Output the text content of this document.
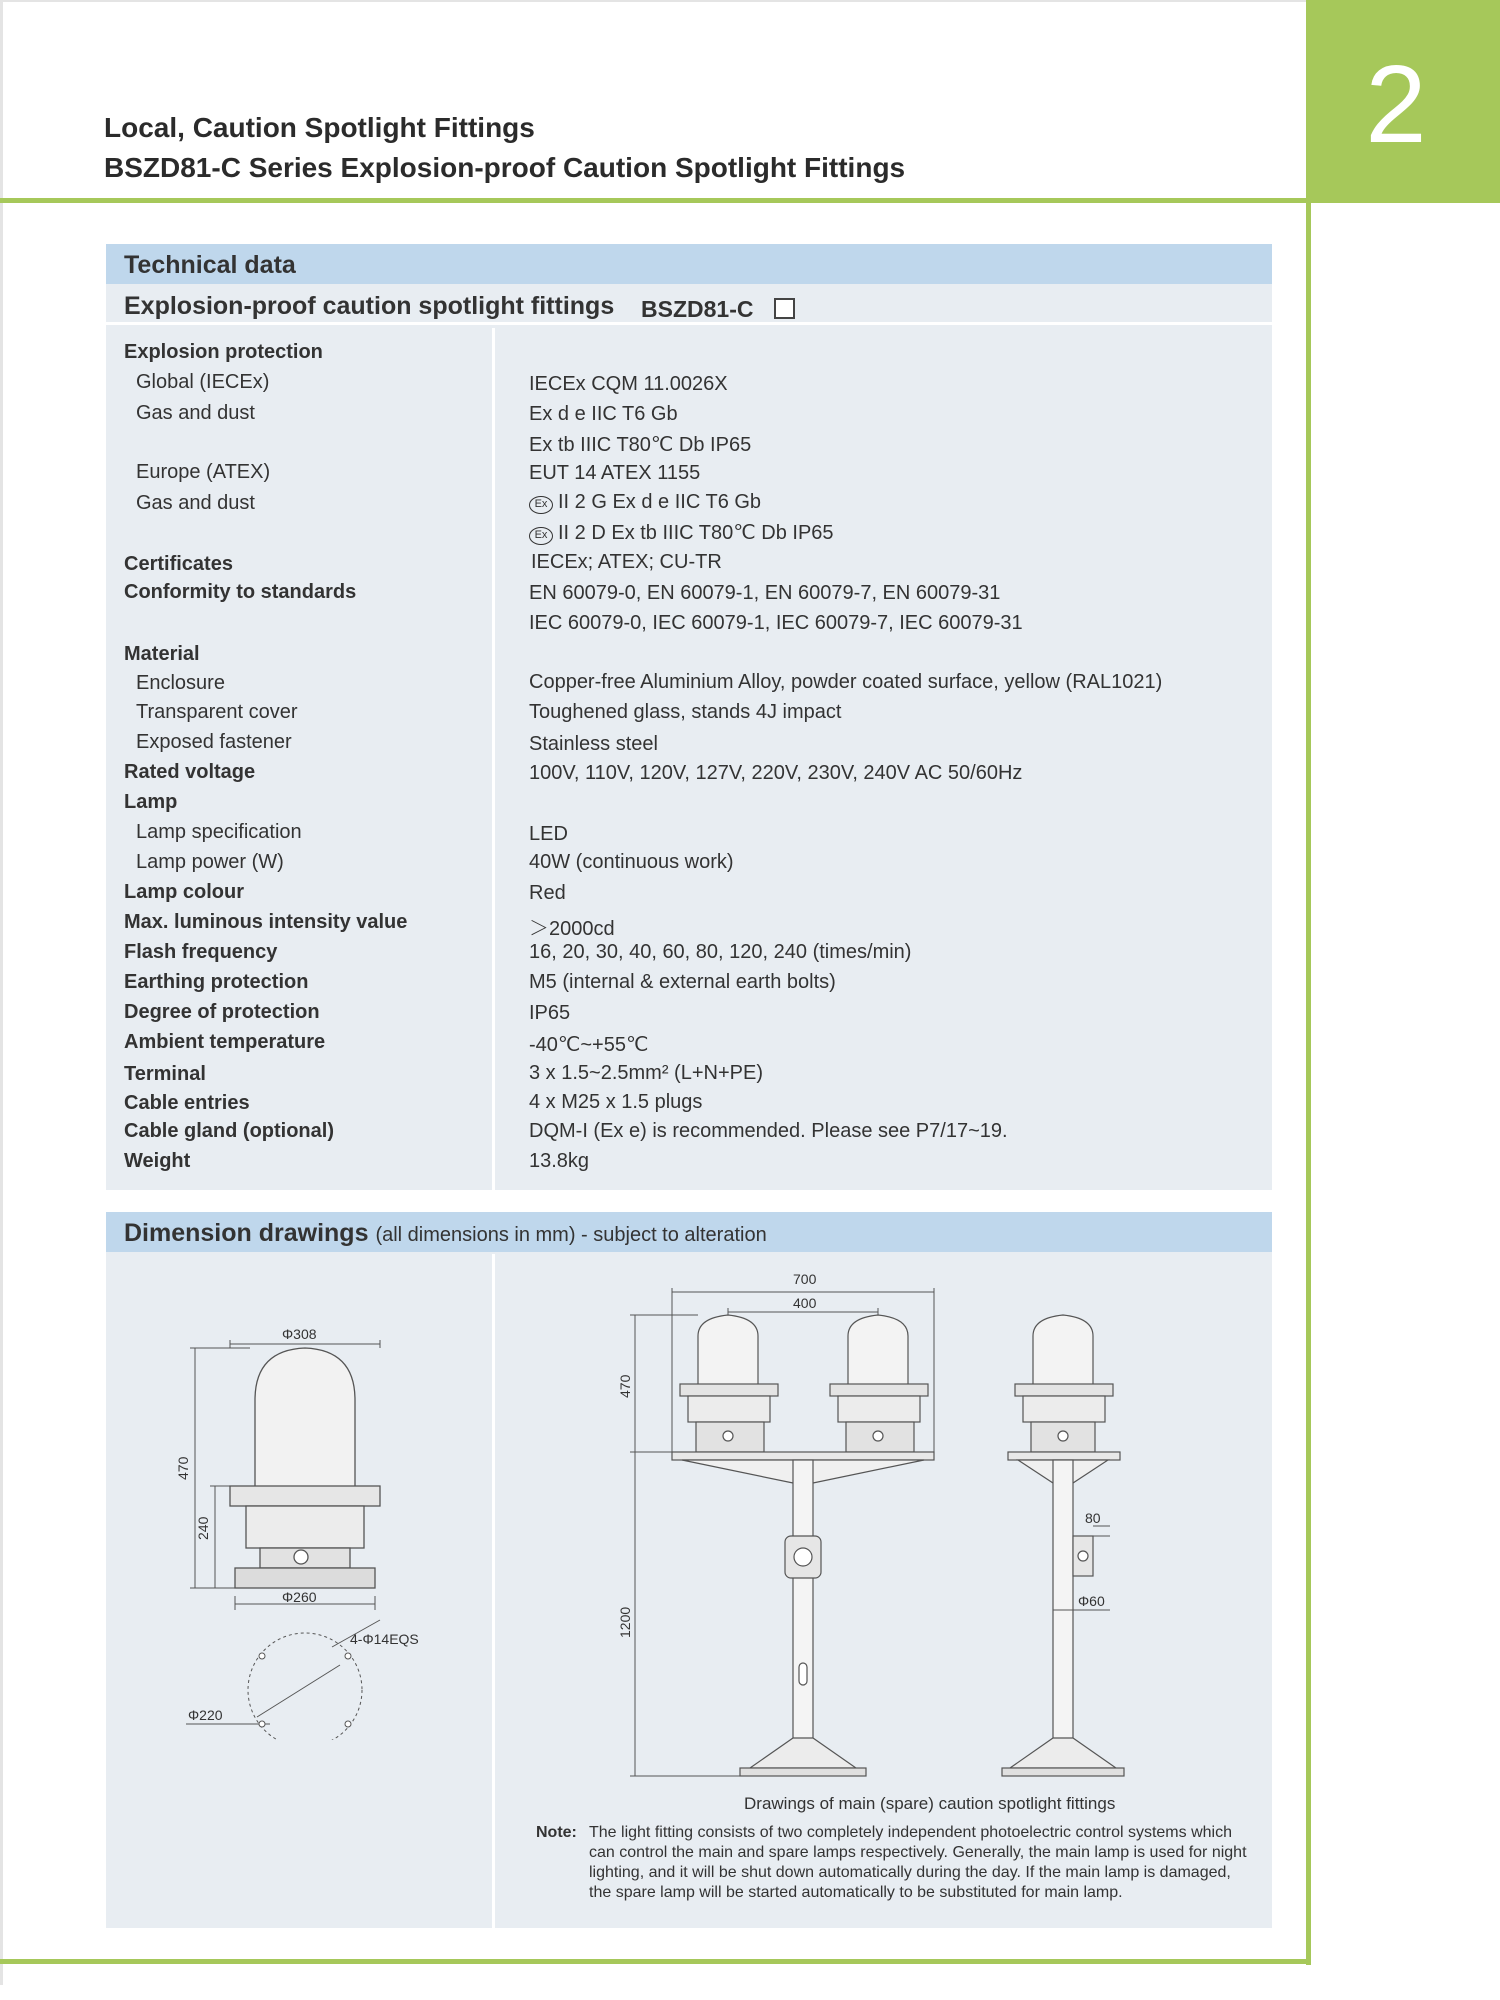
2
Local, Caution Spotlight Fittings
BSZD81-C Series Explosion-proof Caution Spotlight Fittings
Technical data
Explosion-proof caution spotlight fittings BSZD81-C
Explosion protection
Global (IECEx)
Gas and dust
Europe (ATEX)
Gas and dust
Certificates
Conformity to standards
Material
Enclosure
Transparent cover
Exposed fastener
Rated voltage
Lamp
Lamp specification
Lamp power (W)
Lamp colour
Max. luminous intensity value
Flash frequency
Earthing protection
Degree of protection
Ambient temperature
Terminal
Cable entries
Cable gland (optional)
Weight
IECEx CQM 11.0026X
Ex d e IIC T6 Gb
Ex tb IIIC T80℃ Db IP65
EUT 14 ATEX 1155
Ex II 2 G Ex d e IIC T6 Gb
Ex II 2 D Ex tb IIIC T80℃ Db IP65
IECEx; ATEX; CU-TR
EN 60079-0, EN 60079-1, EN 60079-7, EN 60079-31
IEC 60079-0, IEC 60079-1, IEC 60079-7, IEC 60079-31
Copper-free Aluminium Alloy, powder coated surface, yellow (RAL1021)
Toughened glass, stands 4J impact
Stainless steel
100V, 110V, 120V, 127V, 220V, 230V, 240V AC 50/60Hz
LED
40W (continuous work)
Red
＞2000cd
16, 20, 30, 40, 60, 80, 120, 240 (times/min)
M5 (internal & external earth bolts)
IP65
-40℃~+55℃
3 x 1.5~2.5mm² (L+N+PE)
4 x M25 x 1.5 plugs
DQM-I (Ex e) is recommended. Please see P7/17~19.
13.8kg
Dimension drawings (all dimensions in mm) - subject to alteration
Φ308
470
240
Φ260
4-Φ14EQS
Φ220
700
400
470
1200
80
Φ60
Drawings of main (spare) caution spotlight fittings
Note: The light fitting consists of two completely independent photoelectric control systems which can control the main and spare lamps respectively. Generally, the main lamp is used for night lighting, and it will be shut down automatically during the day. If the main lamp is damaged, the spare lamp will be started automatically to be substituted for main lamp.
